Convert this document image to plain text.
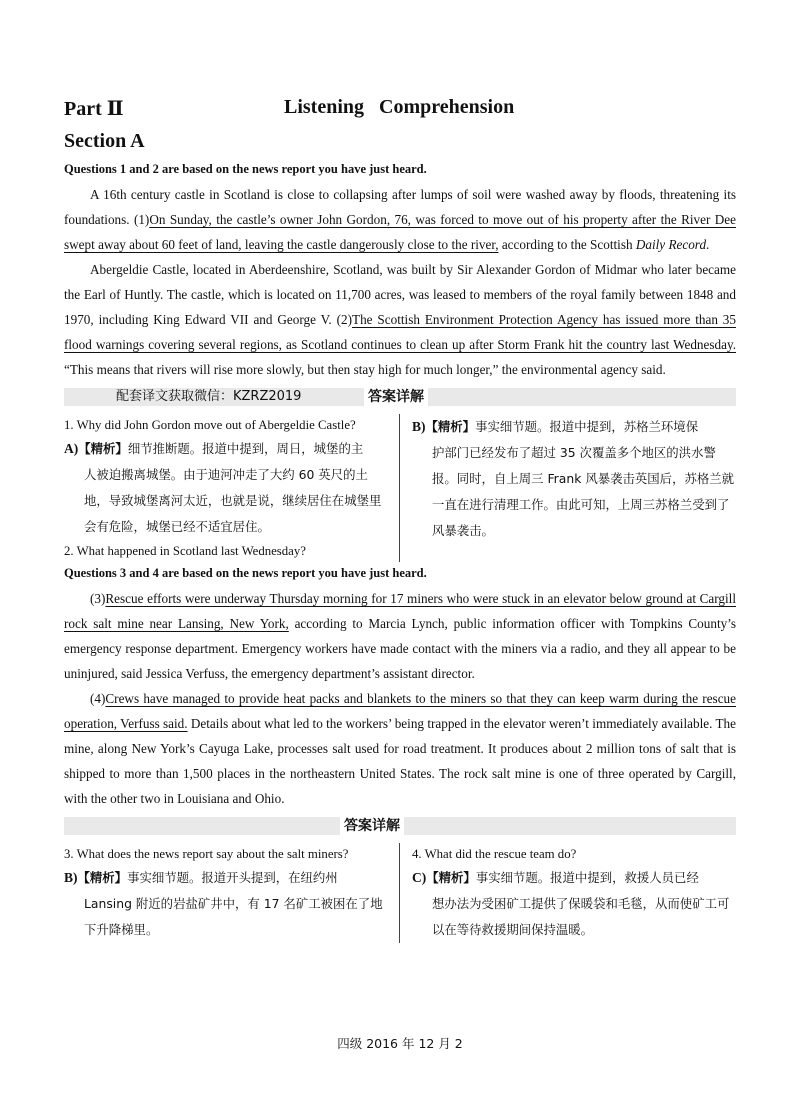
Part Ⅱ	Listening Comprehension
Section A
Questions 1 and 2 are based on the news report you have just heard.

A 16th century castle in Scotland is close to collapsing after lumps of soil were washed away by floods, threatening its foundations. (1)On Sunday, the castle’s owner John Gordon, 76, was forced to move out of his property after the River Dee swept away about 60 feet of land, leaving the castle dangerously close to the river, according to the Scottish Daily Record.

Abergeldie Castle, located in Aberdeenshire, Scotland, was built by Sir Alexander Gordon of Midmar who later became the Earl of Huntly. The castle, which is located on 11,700 acres, was leased to members of the royal family between 1848 and 1970, including King Edward VII and George V. (2)The Scottish Environment Protection Agency has issued more than 35 flood warnings covering several regions, as Scotland continues to clean up after Storm Frank hit the country last Wednesday. “This means that rivers will rise more slowly, but then stay high for much longer,” the environmental agency said.

配套译文获取微信：KZRZ2019	答案详解
1. Why did John Gordon move out of Abergeldie Castle?
A)【精析】细节推断题。报道中提到，周日，城堡的主
人被迫搬离城堡。由于迪河冲走了大约 60 英尺的土地，导致城堡离河太近，也就是说，继续居住在城堡里会有危险，城堡已经不适宜居住。
2. What happened in Scotland last Wednesday?
B)【精析】事实细节题。报道中提到，苏格兰环境保
护部门已经发布了超过 35 次覆盖多个地区的洪水警报。同时，自上周三 Frank 风暴袭击英国后，苏格兰就一直在进行清理工作。由此可知，上周三苏格兰受到了风暴袭击。
Questions 3 and 4 are based on the news report you have just heard.

(3)Rescue efforts were underway Thursday morning for 17 miners who were stuck in an elevator below ground at Cargill rock salt mine near Lansing, New York, according to Marcia Lynch, public information officer with Tompkins County’s emergency response department. Emergency workers have made contact with the miners via a radio, and they all appear to be uninjured, said Jessica Verfuss, the emergency department’s assistant director.

(4)Crews have managed to provide heat packs and blankets to the miners so that they can keep warm during the rescue operation, Verfuss said. Details about what led to the workers’ being trapped in the elevator weren’t immediately available. The mine, along New York’s Cayuga Lake, processes salt used for road treatment. It produces about 2 million tons of salt that is shipped to more than 1,500 places in the northeastern United States. The rock salt mine is one of three operated by Cargill, with the other two in Louisiana and Ohio.

答案详解
3. What does the news report say about the salt miners?
B)【精析】事实细节题。报道开头提到，在纽约州
Lansing 附近的岩盐矿井中，有 17 名矿工被困在了地下升降梯里。
4. What did the rescue team do?
C)【精析】事实细节题。报道中提到，救援人员已经
想办法为受困矿工提供了保暖袋和毛毯，从而使矿工可以在等待救援期间保持温暖。
四级 2016 年 12 月 2
